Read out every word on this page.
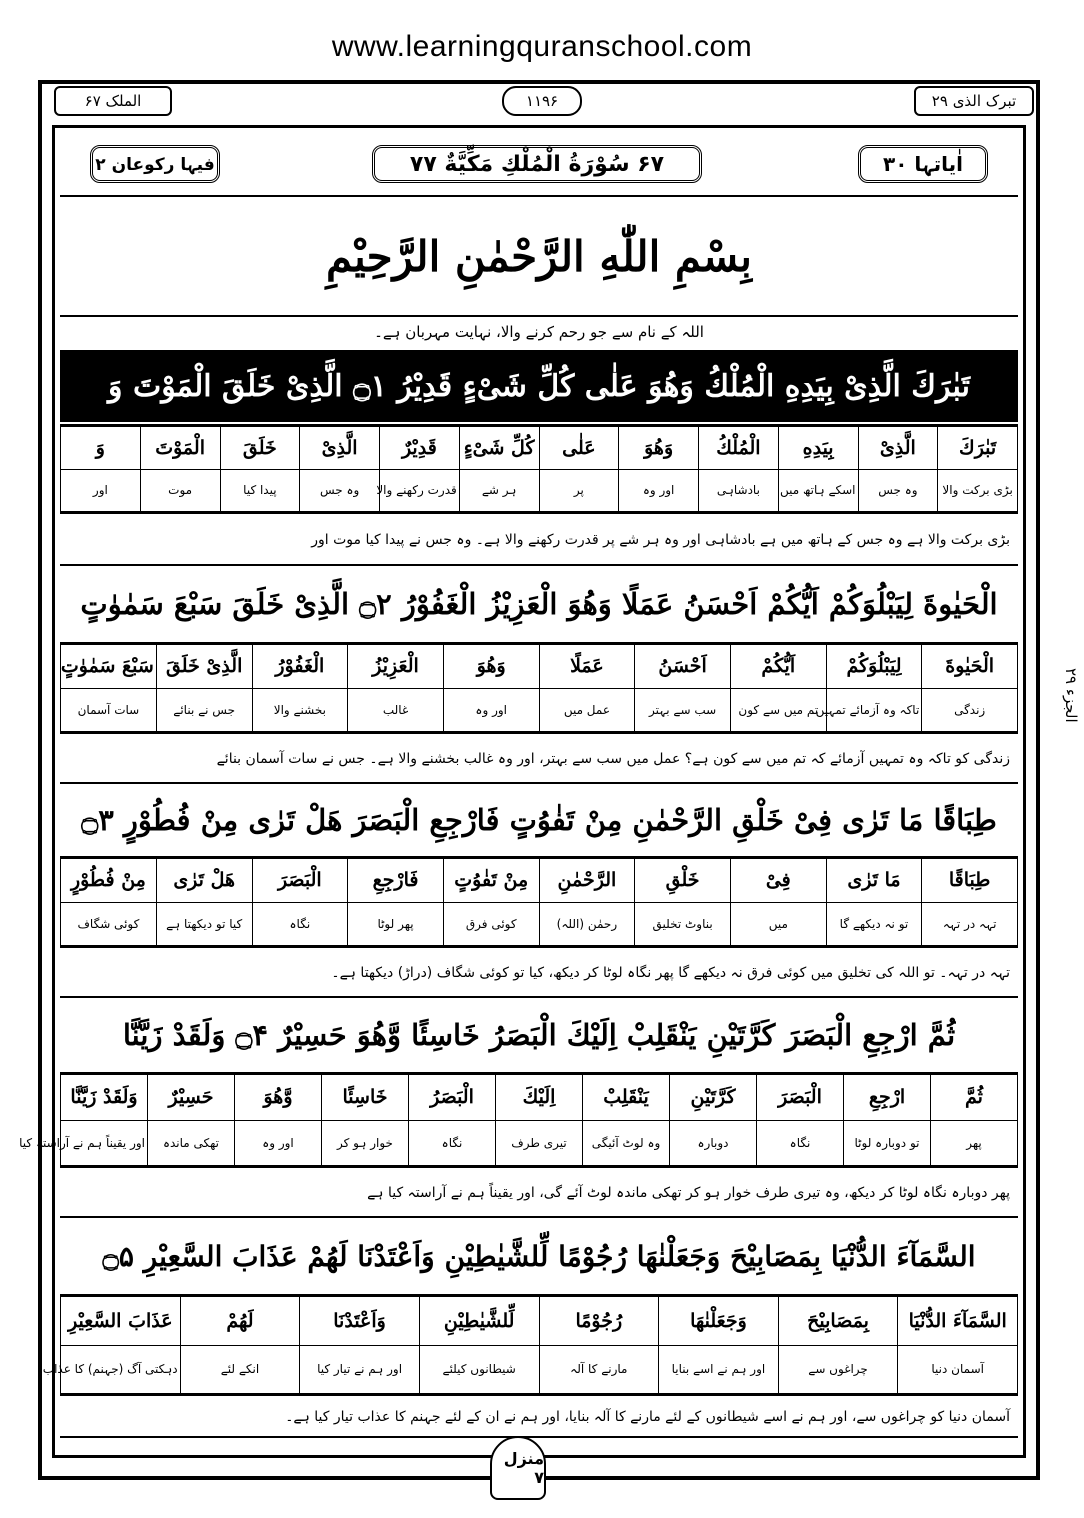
www.learningquranschool.com
تبرک الذی ۲۹
۱۱۹۶
الملک ۶۷
الجزء ۲۹
اٰیاتہا ۳۰
۶۷ سُوْرَةُ الْمُلْكِ مَكِّيَّةٌ ۷۷
فیہا رکوعان ۲
بِسْمِ اللّٰهِ الرَّحْمٰنِ الرَّحِيْمِ
اللہ کے نام سے جو رحم کرنے والا، نہایت مہربان ہے۔
تَبٰرَكَ الَّذِیْ بِیَدِهِ الْمُلْكُ وَهُوَ عَلٰى كُلِّ شَیْءٍ قَدِیْرُ ۝۱ الَّذِیْ خَلَقَ الْمَوْتَ وَ
تَبٰرَكَ	الَّذِیْ	بِیَدِهِ	الْمُلْكُ	وَهُوَ	عَلٰى	كُلِّ شَیْءٍ	قَدِیْرٌ	الَّذِیْ	خَلَقَ	الْمَوْتَ	وَ
بڑی برکت والا	وہ جس	اسکے ہاتھ میں	بادشاہی	اور وہ	پر	ہر شے	قدرت رکھنے والا	وہ جس	پیدا کیا	موت	اور
بڑی برکت والا ہے وہ جس کے ہاتھ میں ہے بادشاہی اور وہ ہر شے پر قدرت رکھنے والا ہے۔ وہ جس نے پیدا کیا موت اور
الْحَیٰوةَ لِیَبْلُوَكُمْ اَیُّكُمْ اَحْسَنُ عَمَلًا وَهُوَ الْعَزِیْزُ الْغَفُوْرُ ۝۲ الَّذِیْ خَلَقَ سَبْعَ سَمٰوٰتٍ
الْحَیٰوةَ	لِیَبْلُوَكُمْ	اَیُّكُمْ	اَحْسَنُ	عَمَلًا	وَهُوَ	الْعَزِیْزُ	الْغَفُوْرُ	الَّذِیْ خَلَقَ	سَبْعَ سَمٰوٰتٍ
زندگی	تاکہ وہ آزمائے تمہیں	تم میں سے کون	سب سے بہتر	عمل میں	اور وہ	غالب	بخشنے والا	جس نے بنائے	سات آسمان
زندگی کو تاکہ وہ تمہیں آزمائے کہ تم میں سے کون ہے؟ عمل میں سب سے بہتر، اور وہ غالب بخشنے والا ہے۔ جس نے سات آسمان بنائے
طِبَاقًا مَا تَرٰى فِیْ خَلْقِ الرَّحْمٰنِ مِنْ تَفٰوُتٍ فَارْجِعِ الْبَصَرَ هَلْ تَرٰى مِنْ فُطُوْرٍ ۝۳
طِبَاقًا	مَا تَرٰى	فِیْ	خَلْقِ	الرَّحْمٰنِ	مِنْ تَفٰوُتٍ	فَارْجِعِ	الْبَصَرَ	هَلْ تَرٰى	مِنْ فُطُوْرٍ
تہہ در تہہ	تو نہ دیکھے گا	میں	بناوٹ تخلیق	رحمٰن (اللہ)	کوئی فرق	پھر لوٹا	نگاہ	کیا تو دیکھتا ہے	کوئی شگاف
تہہ در تہہ۔ تو اللہ کی تخلیق میں کوئی فرق نہ دیکھے گا پھر نگاہ لوٹا کر دیکھ، کیا تو کوئی شگاف (دراڑ) دیکھتا ہے۔
ثُمَّ ارْجِعِ الْبَصَرَ كَرَّتَیْنِ یَنْقَلِبْ اِلَیْكَ الْبَصَرُ خَاسِئًا وَّهُوَ حَسِیْرٌ ۝۴ وَلَقَدْ زَیَّنَّا
ثُمَّ	ارْجِعِ	الْبَصَرَ	كَرَّتَیْنِ	یَنْقَلِبْ	اِلَیْكَ	الْبَصَرُ	خَاسِئًا	وَّهُوَ	حَسِیْرٌ	وَلَقَدْ زَیَّنَّا
پھر	تو دوبارہ لوٹا	نگاہ	دوبارہ	وہ لوٹ آئیگی	تیری طرف	نگاہ	خوار ہو کر	اور وہ	تھکی ماندہ	اور یقیناً ہم نے آراستہ کیا
پھر دوبارہ نگاہ لوٹا کر دیکھ، وہ تیری طرف خوار ہو کر تھکی ماندہ لوٹ آئے گی، اور یقیناً ہم نے آراستہ کیا ہے
السَّمَآءَ الدُّنْیَا بِمَصَابِیْحَ وَجَعَلْنٰهَا رُجُوْمًا لِّلشَّیٰطِیْنِ وَاَعْتَدْنَا لَهُمْ عَذَابَ السَّعِیْرِ ۝۵
السَّمَآءَ الدُّنْیَا	بِمَصَابِیْحَ	وَجَعَلْنٰهَا	رُجُوْمًا	لِّلشَّیٰطِیْنِ	وَاَعْتَدْنَا	لَهُمْ	عَذَابَ السَّعِیْرِ
آسمان دنیا	چراغوں سے	اور ہم نے اسے بنایا	مارنے کا آلہ	شیطانوں کیلئے	اور ہم نے تیار کیا	انکے لئے	دہکتی آگ (جہنم) کا عذاب
آسمان دنیا کو چراغوں سے، اور ہم نے اسے شیطانوں کے لئے مارنے کا آلہ بنایا، اور ہم نے ان کے لئے جہنم کا عذاب تیار کیا ہے۔
منزل ۷
